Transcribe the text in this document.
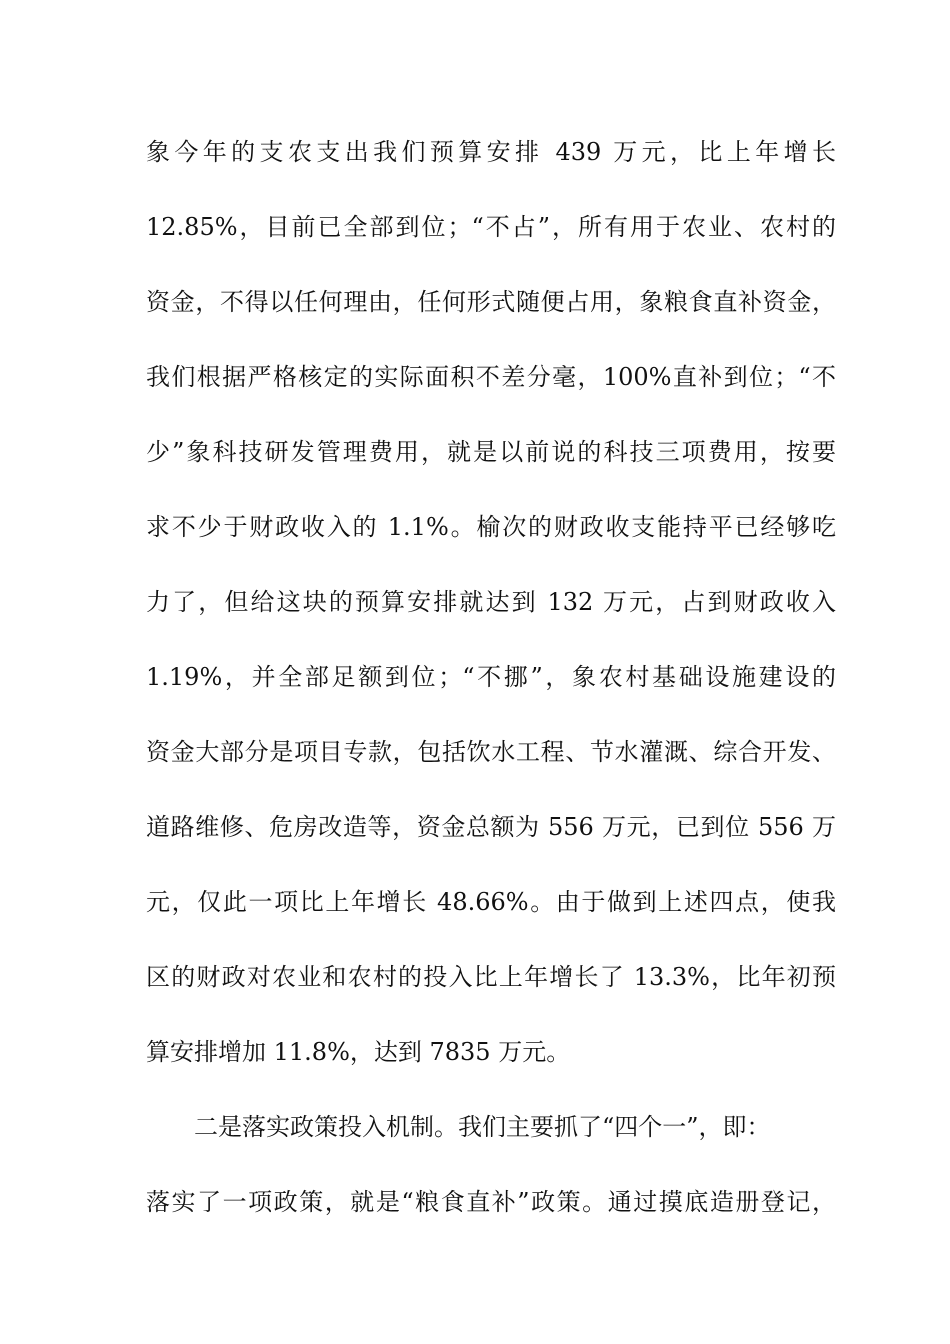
象今年的支农支出我们预算安排 439 万元，比上年增长
12.85%，目前已全部到位；“不占”，所有用于农业、农村的
资金，不得以任何理由，任何形式随便占用，象粮食直补资金，
我们根据严格核定的实际面积不差分毫，100%直补到位；“不
少”象科技研发管理费用，就是以前说的科技三项费用，按要
求不少于财政收入的 1.1%。榆次的财政收支能持平已经够吃
力了，但给这块的预算安排就达到 132 万元，占到财政收入
1.19%，并全部足额到位；“不挪”，象农村基础设施建设的
资金大部分是项目专款，包括饮水工程、节水灌溉、综合开发、
道路维修、危房改造等，资金总额为 556 万元，已到位 556 万
元，仅此一项比上年增长 48.66%。由于做到上述四点，使我
区的财政对农业和农村的投入比上年增长了 13.3%，比年初预
算安排增加 11.8%，达到 7835 万元。
二是落实政策投入机制。我们主要抓了“四个一”，即：
落实了一项政策，就是“粮食直补”政策。通过摸底造册登记，
